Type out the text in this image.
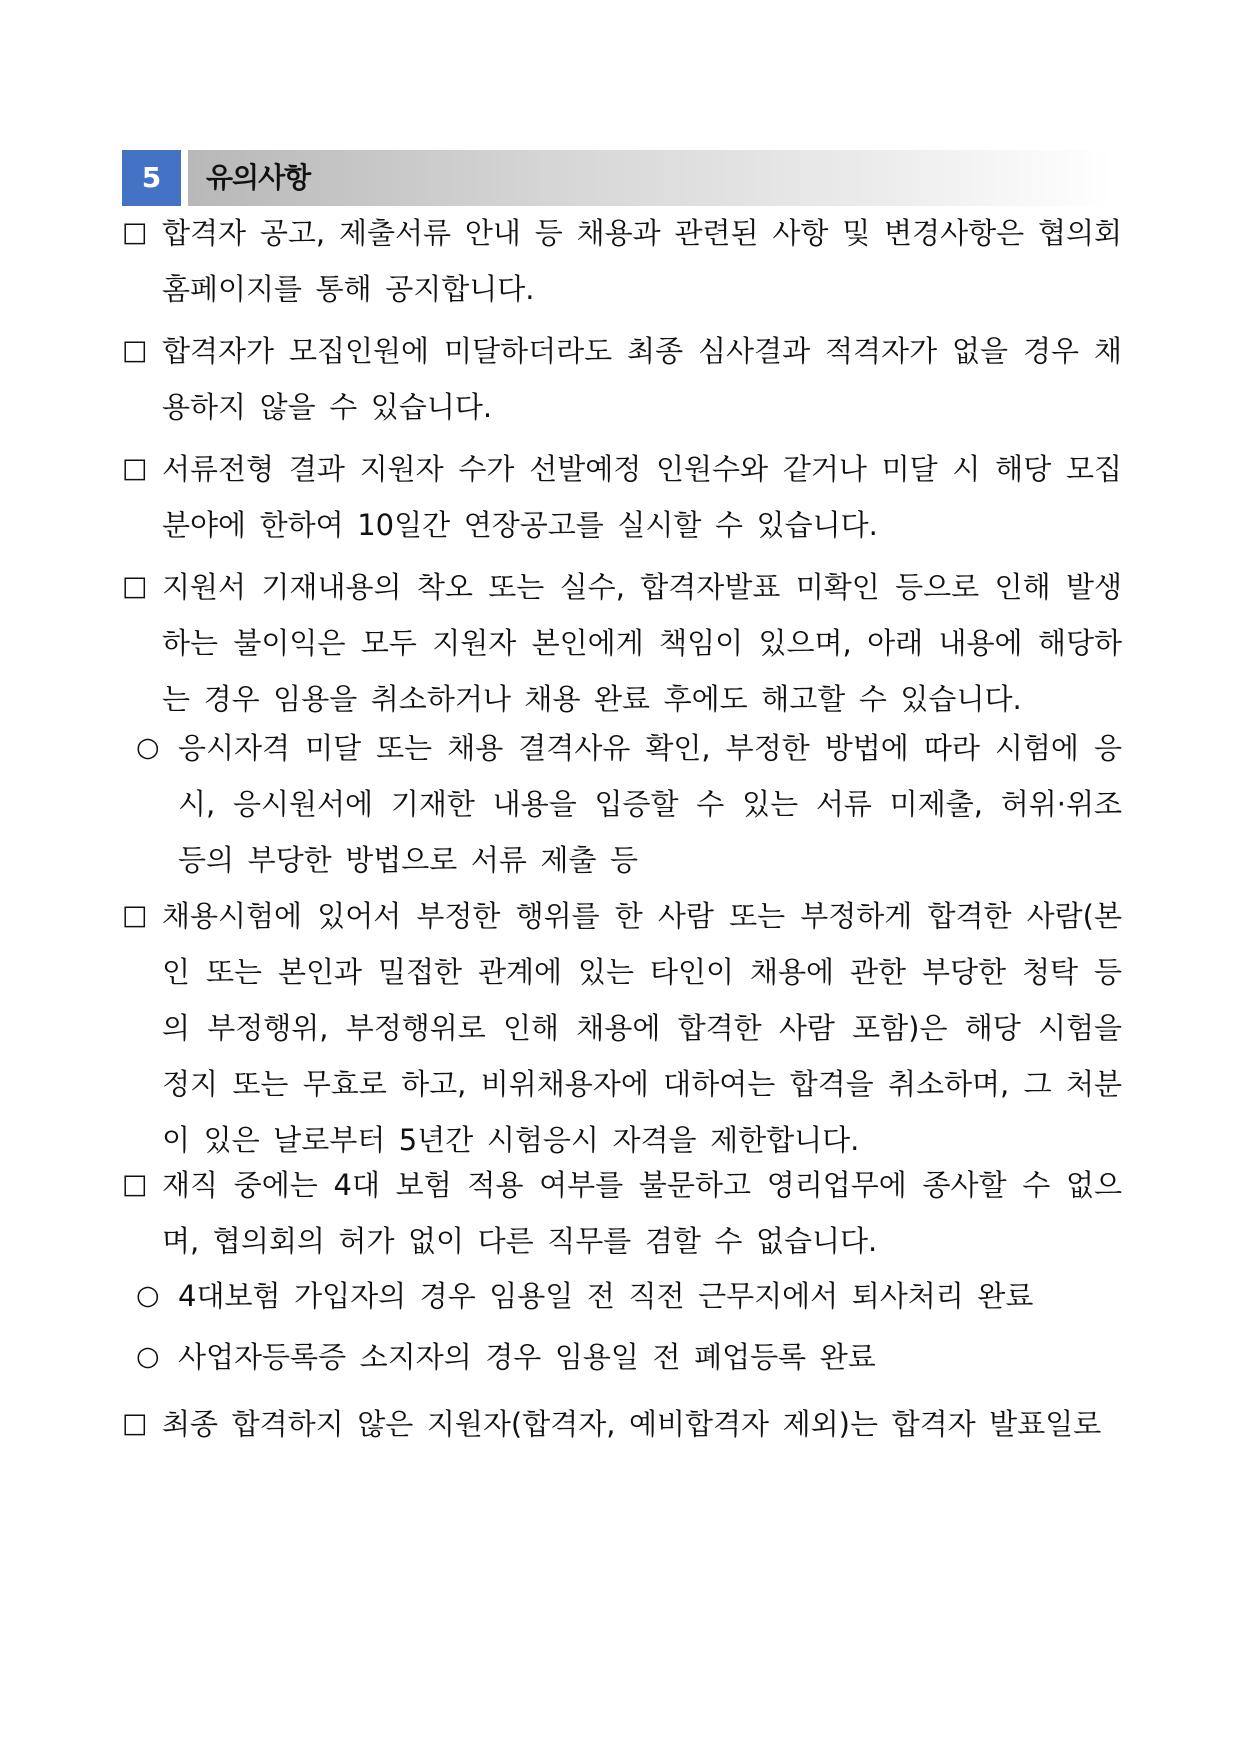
5	유의사항
□ 합격자 공고, 제출서류 안내 등 채용과 관련된 사항 및 변경사항은 협의회 홈페이지를 통해 공지합니다.
□ 합격자가 모집인원에 미달하더라도 최종 심사결과 적격자가 없을 경우 채용하지 않을 수 있습니다.
□ 서류전형 결과 지원자 수가 선발예정 인원수와 같거나 미달 시 해당 모집분야에 한하여 10일간 연장공고를 실시할 수 있습니다.
□ 지원서 기재내용의 착오 또는 실수, 합격자발표 미확인 등으로 인해 발생하는 불이익은 모두 지원자 본인에게 책임이 있으며, 아래 내용에 해당하는 경우 임용을 취소하거나 채용 완료 후에도 해고할 수 있습니다.
○ 응시자격 미달 또는 채용 결격사유 확인, 부정한 방법에 따라 시험에 응시, 응시원서에 기재한 내용을 입증할 수 있는 서류 미제출, 허위·위조 등의 부당한 방법으로 서류 제출 등
□ 채용시험에 있어서 부정한 행위를 한 사람 또는 부정하게 합격한 사람(본인 또는 본인과 밀접한 관계에 있는 타인이 채용에 관한 부당한 청탁 등의 부정행위, 부정행위로 인해 채용에 합격한 사람 포함)은 해당 시험을 정지 또는 무효로 하고, 비위채용자에 대하여는 합격을 취소하며, 그 처분이 있은 날로부터 5년간 시험응시 자격을 제한합니다.
□ 재직 중에는 4대 보험 적용 여부를 불문하고 영리업무에 종사할 수 없으며, 협의회의 허가 없이 다른 직무를 겸할 수 없습니다.
○ 4대보험 가입자의 경우 임용일 전 직전 근무지에서 퇴사처리 완료
○ 사업자등록증 소지자의 경우 임용일 전 폐업등록 완료
□ 최종 합격하지 않은 지원자(합격자, 예비합격자 제외)는 합격자 발표일로
